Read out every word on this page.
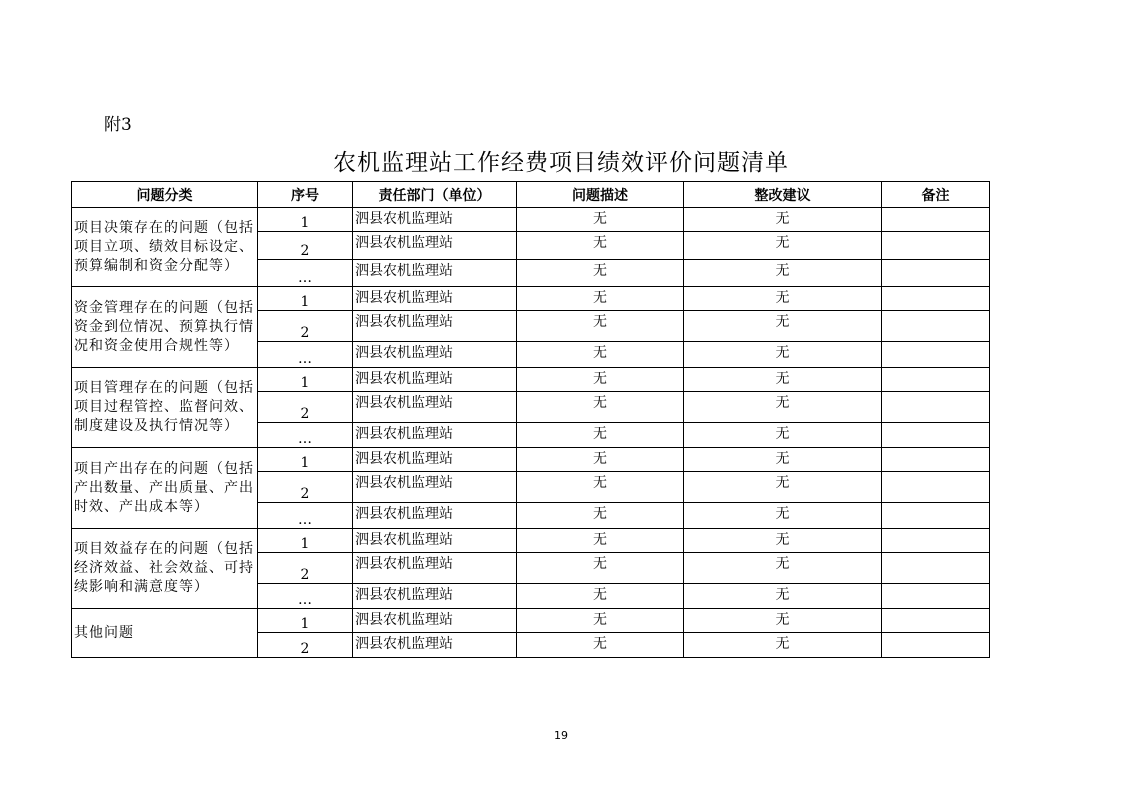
附3
农机监理站工作经费项目绩效评价问题清单
问题分类	序号	责任部门（单位）	问题描述	整改建议	备注
项目决策存在的问题（包括项目立项、绩效目标设定、预算编制和资金分配等）	1	泗县农机监理站	无	无	
	2	泗县农机监理站	无	无	
	…	泗县农机监理站	无	无	
资金管理存在的问题（包括资金到位情况、预算执行情况和资金使用合规性等）	1	泗县农机监理站	无	无	
	2	泗县农机监理站	无	无	
	…	泗县农机监理站	无	无	
项目管理存在的问题（包括项目过程管控、监督问效、制度建设及执行情况等）	1	泗县农机监理站	无	无	
	2	泗县农机监理站	无	无	
	…	泗县农机监理站	无	无	
项目产出存在的问题（包括产出数量、产出质量、产出时效、产出成本等）	1	泗县农机监理站	无	无	
	2	泗县农机监理站	无	无	
	…	泗县农机监理站	无	无	
项目效益存在的问题（包括经济效益、社会效益、可持续影响和满意度等）	1	泗县农机监理站	无	无	
	2	泗县农机监理站	无	无	
	…	泗县农机监理站	无	无	
其他问题	1	泗县农机监理站	无	无	
	2	泗县农机监理站	无	无	
19
